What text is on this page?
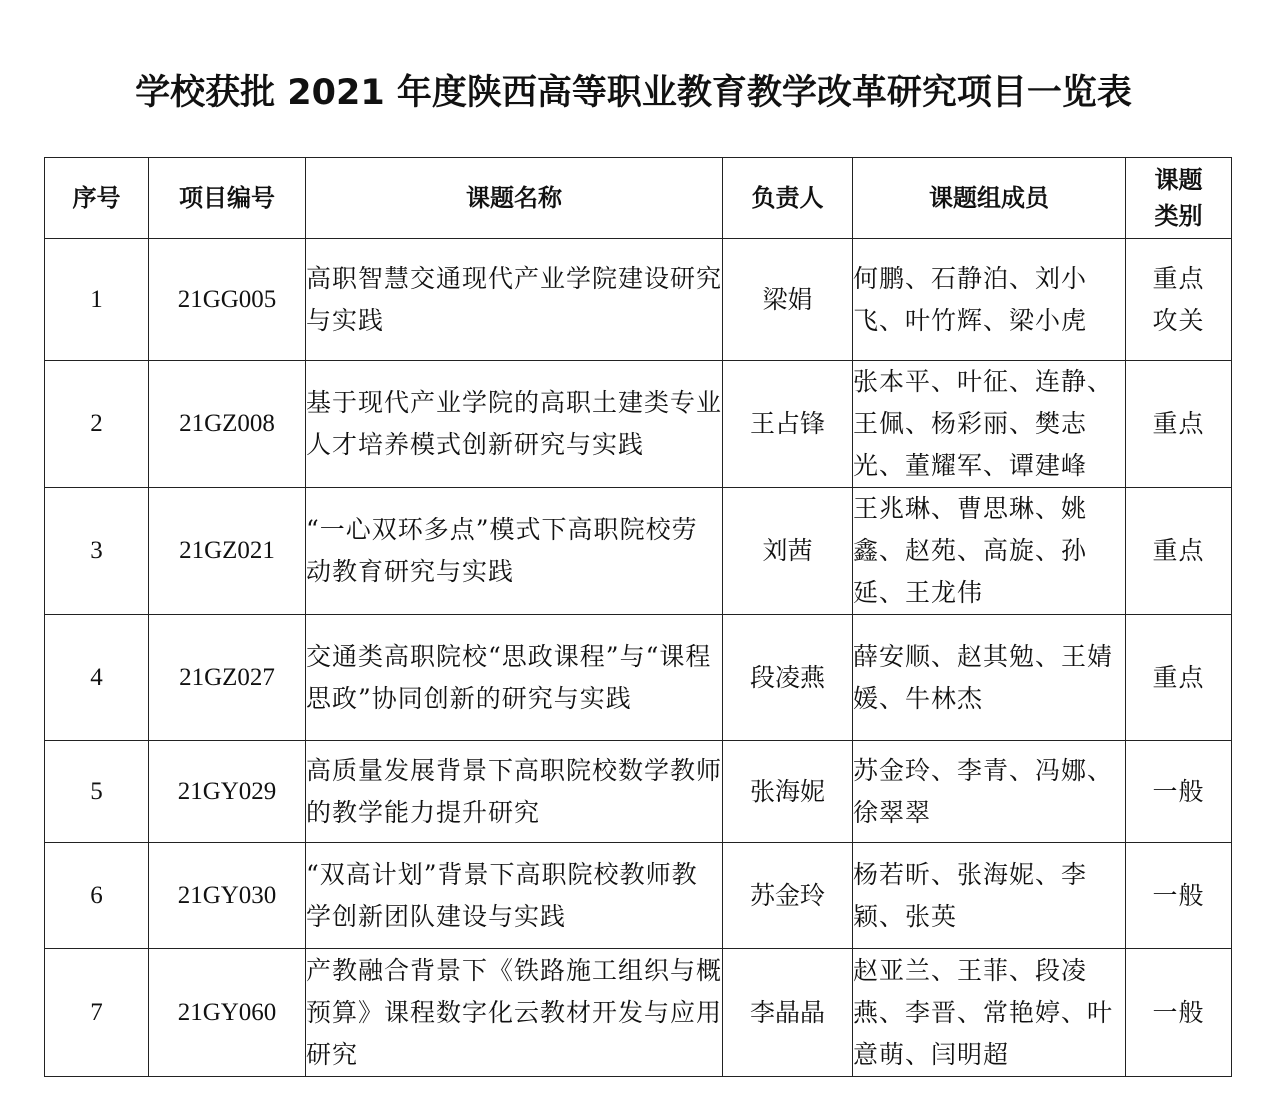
学校获批 2021 年度陕西高等职业教育教学改革研究项目一览表
序号	项目编号	课题名称	负责人	课题组成员	课题类别
1	21GG005	高职智慧交通现代产业学院建设研究与实践	梁娟	何鹏、石静泊、刘小飞、叶竹辉、梁小虎	重点攻关
2	21GZ008	基于现代产业学院的高职土建类专业人才培养模式创新研究与实践	王占锋	张本平、叶征、连静、王佩、杨彩丽、樊志光、董耀军、谭建峰	重点
3	21GZ021	“一心双环多点”模式下高职院校劳动教育研究与实践	刘茜	王兆琳、曹思琳、姚鑫、赵苑、高旋、孙延、王龙伟	重点
4	21GZ027	交通类高职院校“思政课程”与“课程思政”协同创新的研究与实践	段凌燕	薛安顺、赵其勉、王婧媛、牛林杰	重点
5	21GY029	高质量发展背景下高职院校数学教师的教学能力提升研究	张海妮	苏金玲、李青、冯娜、徐翠翠	一般
6	21GY030	“双高计划”背景下高职院校教师教学创新团队建设与实践	苏金玲	杨若昕、张海妮、李颖、张英	一般
7	21GY060	产教融合背景下《铁路施工组织与概预算》课程数字化云教材开发与应用研究	李晶晶	赵亚兰、王菲、段凌燕、李晋、常艳婷、叶意萌、闫明超	一般
